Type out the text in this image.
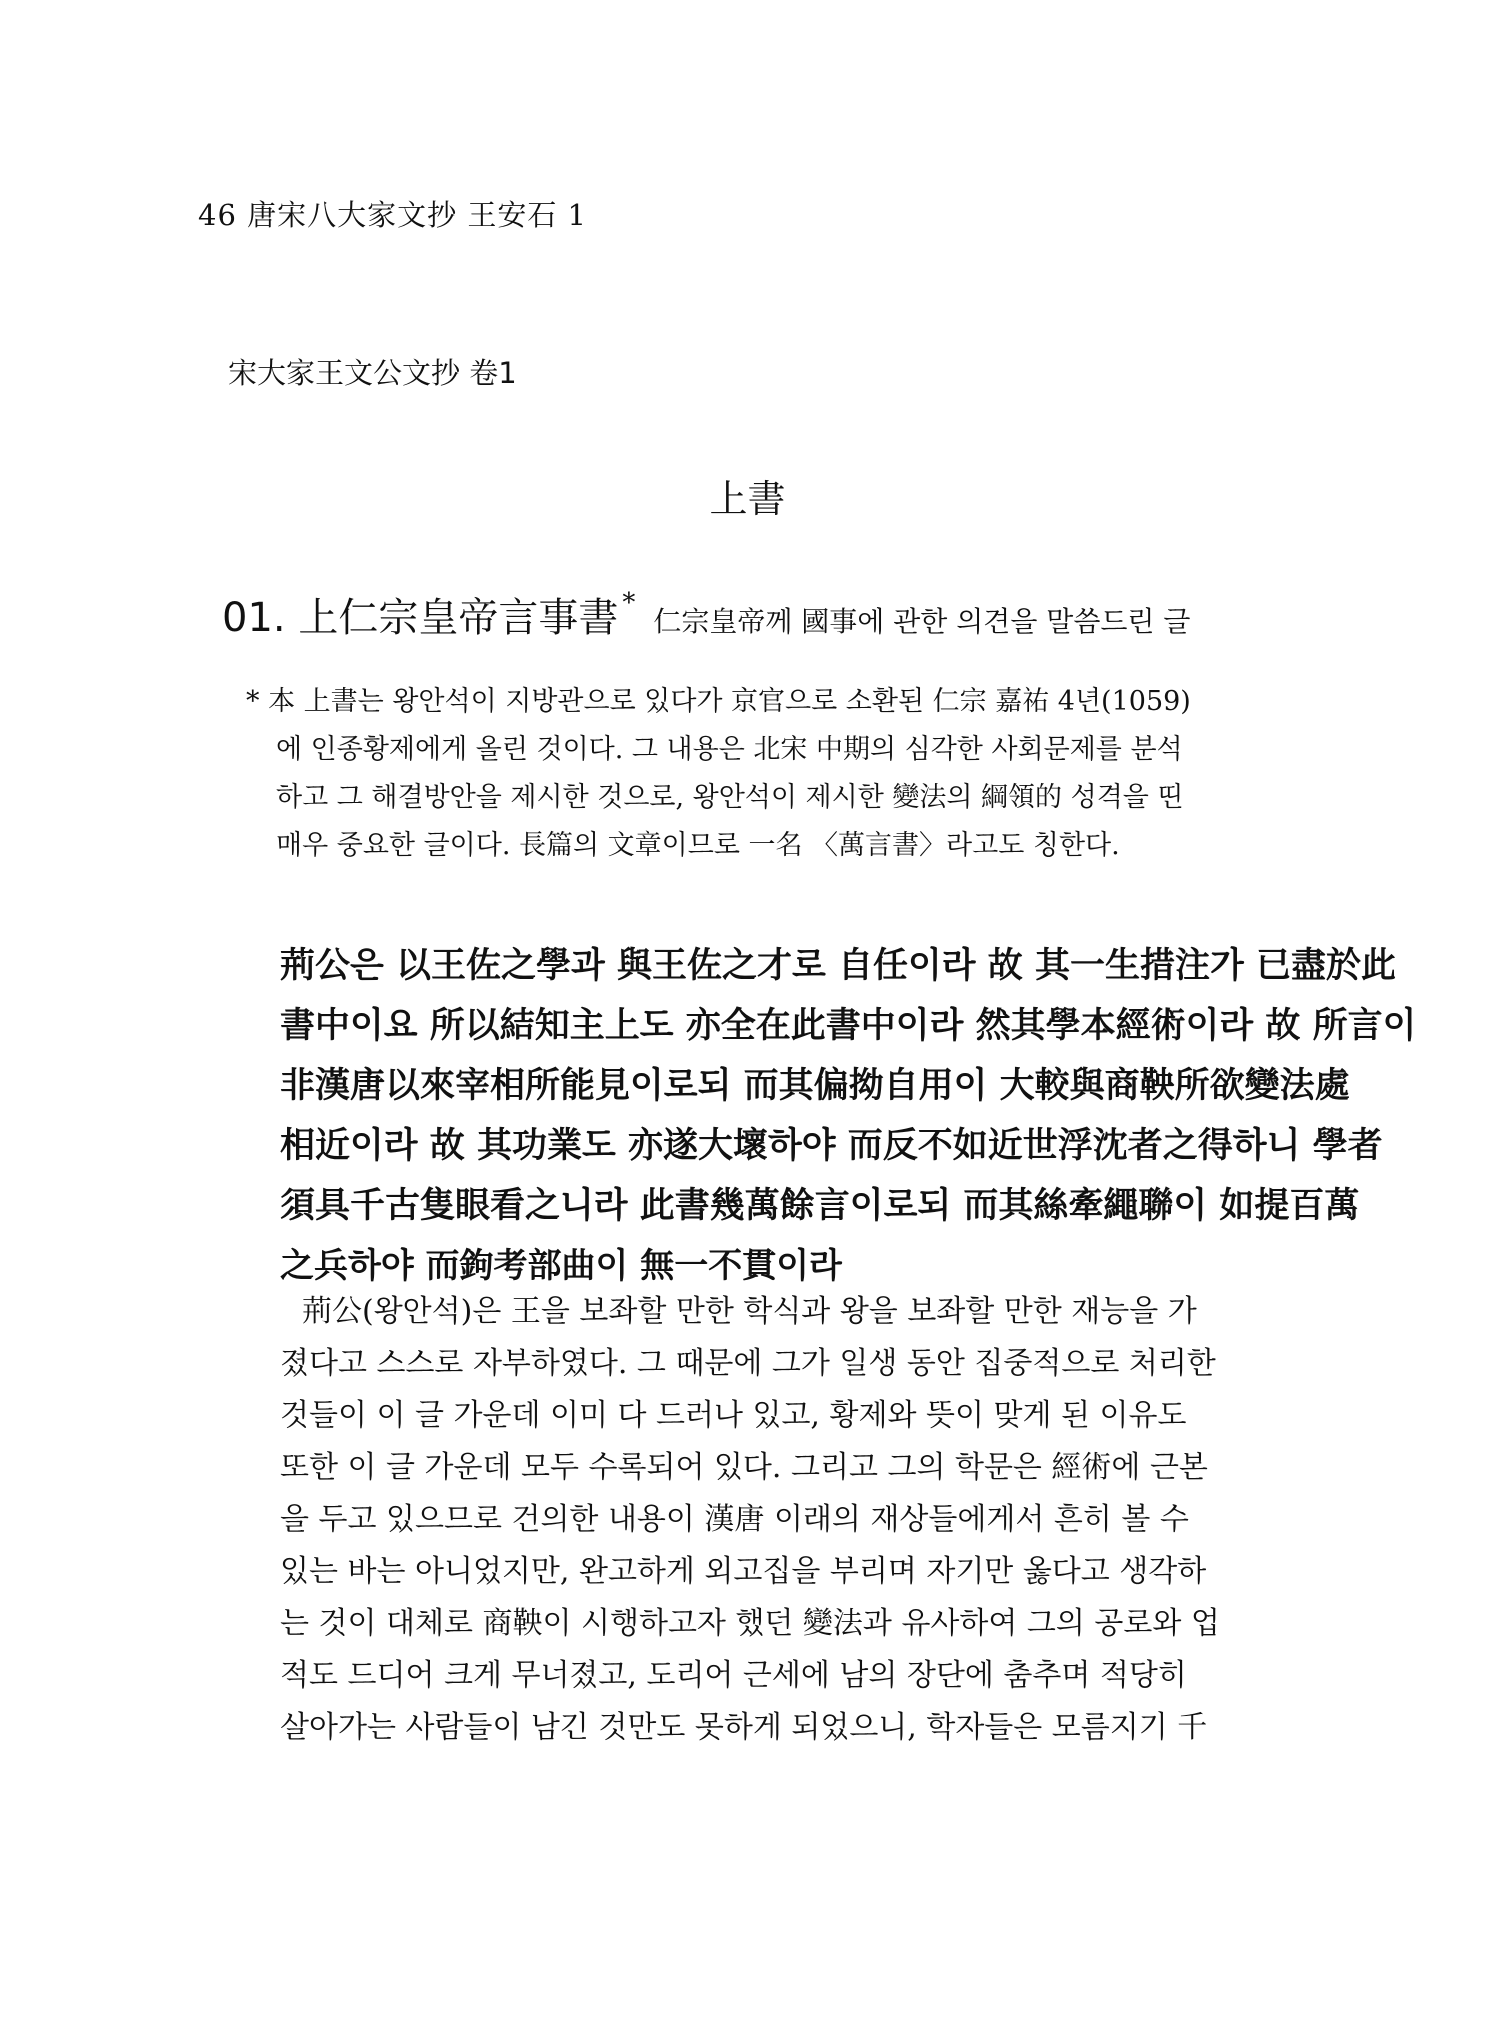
46 唐宋八大家文抄 王安石 1
宋大家王文公文抄 卷1
上書
01. 上仁宗皇帝言事書 *
仁宗皇帝께 國事에 관한 의견을 말씀드린 글
* 本 上書는 왕안석이 지방관으로 있다가 京官으로 소환된 仁宗 嘉祐 4년(1059)
에 인종황제에게 올린 것이다. 그 내용은 北宋 中期의 심각한 사회문제를 분석
하고 그 해결방안을 제시한 것으로, 왕안석이 제시한 變法의 綱領的 성격을 띤
매우 중요한 글이다. 長篇의 文章이므로 一名 〈萬言書〉라고도 칭한다.
荊公은 以王佐之學과 與王佐之才로 自任이라 故 其一生措注가 已盡於此
書中이요 所以結知主上도 亦全在此書中이라 然其學本經術이라 故 所言이
非漢唐以來宰相所能見이로되 而其偏拗自用이 大較與商鞅所欲變法處
相近이라 故 其功業도 亦遂大壞하야 而反不如近世浮沈者之得하니 學者
須具千古隻眼看之니라 此書幾萬餘言이로되 而其絲牽繩聯이 如提百萬
之兵하야 而鉤考部曲이 無一不貫이라
荊公(왕안석)은 王을 보좌할 만한 학식과 왕을 보좌할 만한 재능을 가
졌다고 스스로 자부하였다. 그 때문에 그가 일생 동안 집중적으로 처리한
것들이 이 글 가운데 이미 다 드러나 있고, 황제와 뜻이 맞게 된 이유도
또한 이 글 가운데 모두 수록되어 있다. 그리고 그의 학문은 經術에 근본
을 두고 있으므로 건의한 내용이 漢唐 이래의 재상들에게서 흔히 볼 수
있는 바는 아니었지만, 완고하게 외고집을 부리며 자기만 옳다고 생각하
는 것이 대체로 商鞅이 시행하고자 했던 變法과 유사하여 그의 공로와 업
적도 드디어 크게 무너졌고, 도리어 근세에 남의 장단에 춤추며 적당히
살아가는 사람들이 남긴 것만도 못하게 되었으니, 학자들은 모름지기 千
